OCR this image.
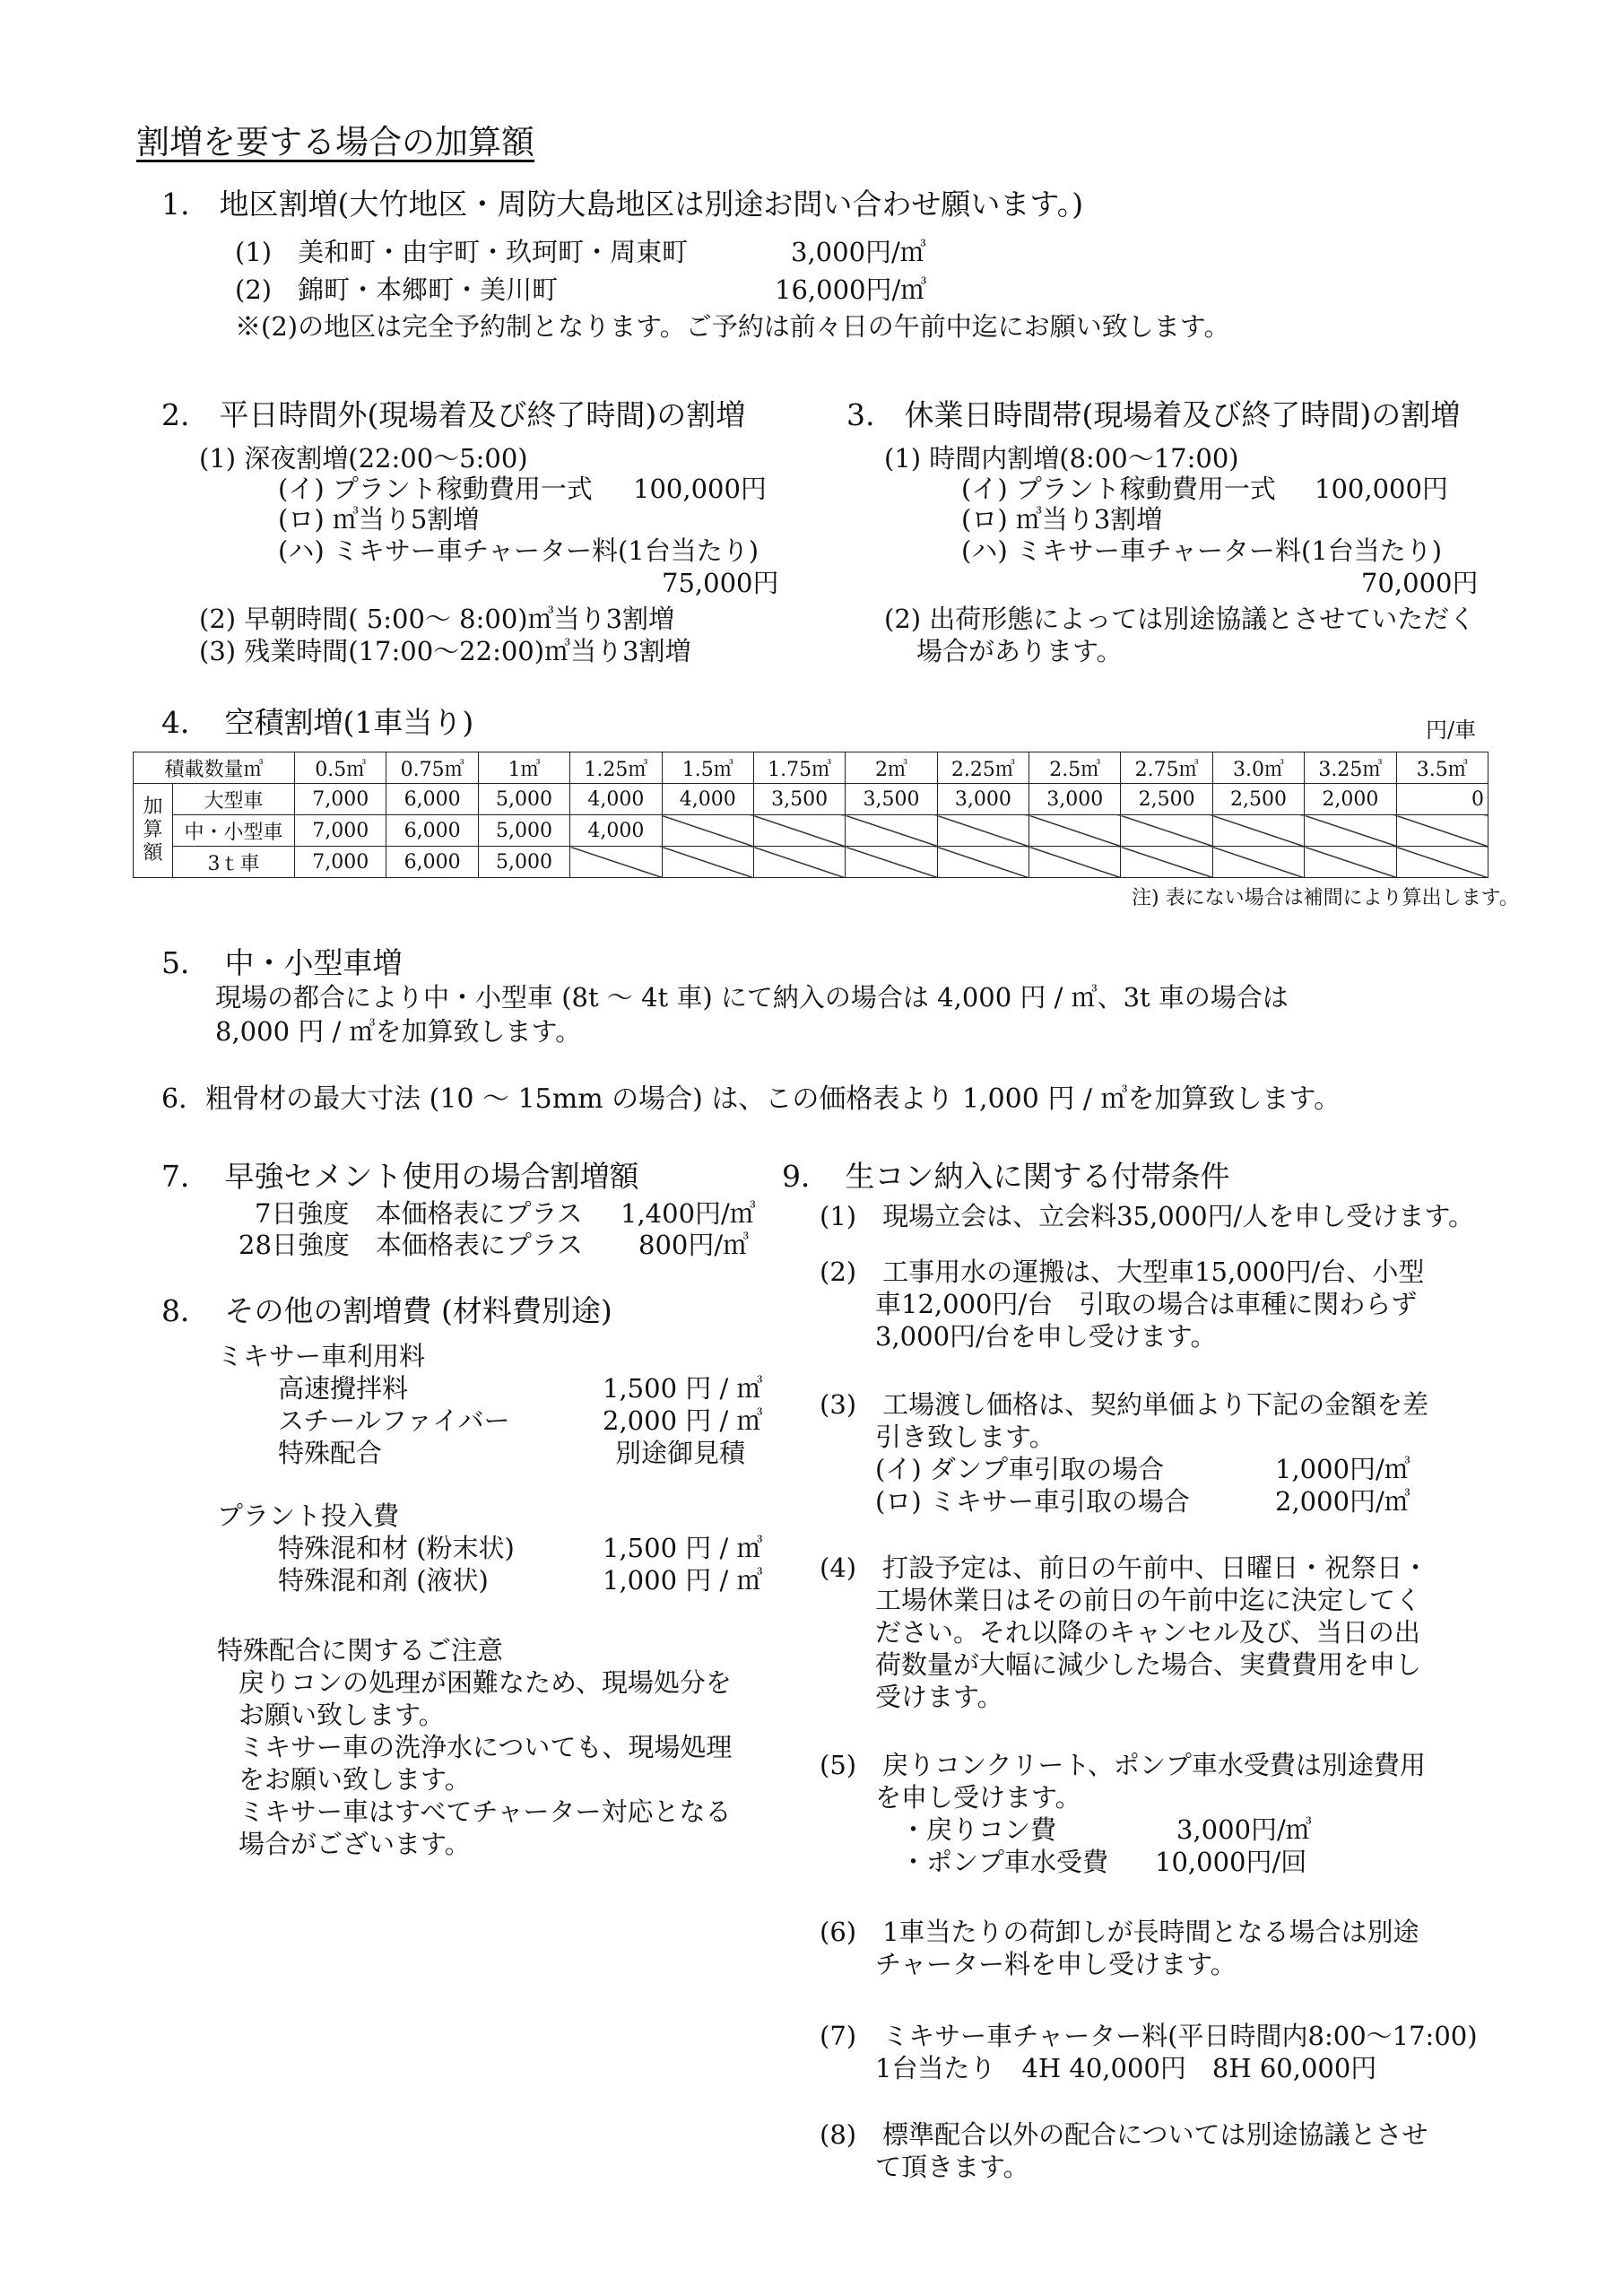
割増を要する場合の加算額
1.　地区割増(大竹地区・周防大島地区は別途お問い合わせ願います。)
(1)　美和町・由宇町・玖珂町・周東町	3,000円/㎥
(2)　錦町・本郷町・美川町	16,000円/㎥
※(2)の地区は完全予約制となります。ご予約は前々日の午前中迄にお願い致します。
2.　平日時間外(現場着及び終了時間)の割増
(1) 深夜割増(22:00～5:00)
(イ) プラント稼動費用一式 100,000円
(ロ) ㎥当り5割増
(ハ) ミキサー車チャーター料(1台当たり)
75,000円
(2) 早朝時間( 5:00～ 8:00)㎥当り3割増
(3) 残業時間(17:00～22:00)㎥当り3割増
3.　休業日時間帯(現場着及び終了時間)の割増
(1) 時間内割増(8:00～17:00)
(イ) プラント稼動費用一式 100,000円
(ロ) ㎥当り3割増
(ハ) ミキサー車チャーター料(1台当たり)
70,000円
(2) 出荷形態によっては別途協議とさせていただく
場合があります。
4．　空積割増(1車当り)	円/車
積載数量㎥		0.5㎥	0.75㎥	1㎥	1.25㎥	1.5㎥	1.75㎥	2㎥	2.25㎥	2.5㎥	2.75㎥	3.0㎥	3.25㎥	3.5㎥
加
算
額	大型車	7,000	6,000	5,000	4,000	4,000	3,500	3,500	3,000	3,000	2,500	2,500	2,000	0
	中・小型車	7,000	6,000	5,000	4,000									
	3ｔ車	7,000	6,000	5,000										
注) 表にない場合は補間により算出します。
5．　中・小型車増
現場の都合により中・小型車 (8t ～ 4t 車) にて納入の場合は 4,000 円 / ㎥、3t 車の場合は
8,000 円 / ㎥を加算致します。
6．粗骨材の最大寸法 (10 ～ 15mm の場合) は、この価格表より 1,000 円 / ㎥を加算致します。
7．　早強セメント使用の場合割増額
7日強度　本価格表にプラス 1,400円/㎥
28日強度　本価格表にプラス 800円/㎥
8．　その他の割増費 (材料費別途)
ミキサー車利用料
高速攪拌料	1,500 円 / ㎥
スチールファイバー	2,000 円 / ㎥
特殊配合	別途御見積
プラント投入費
特殊混和材 (粉末状)	1,500 円 / ㎥
特殊混和剤 (液状)	1,000 円 / ㎥
特殊配合に関するご注意
戻りコンの処理が困難なため、現場処分を
お願い致します。
ミキサー車の洗浄水についても、現場処理
をお願い致します。
ミキサー車はすべてチャーター対応となる
場合がございます。
9．　生コン納入に関する付帯条件
(1)　現場立会は、立会料35,000円/人を申し受けます。
(2)　工事用水の運搬は、大型車15,000円/台、小型
車12,000円/台　引取の場合は車種に関わらず
3,000円/台を申し受けます。
(3)　工場渡し価格は、契約単価より下記の金額を差
引き致します。
(イ) ダンプ車引取の場合	1,000円/㎥
(ロ) ミキサー車引取の場合	2,000円/㎥
(4)　打設予定は、前日の午前中、日曜日・祝祭日・
工場休業日はその前日の午前中迄に決定してく
ださい。それ以降のキャンセル及び、当日の出
荷数量が大幅に減少した場合、実費費用を申し
受けます。
(5)　戻りコンクリート、ポンプ車水受費は別途費用
を申し受けます。
・戻りコン費	3,000円/㎥
・ポンプ車水受費 10,000円/回
(6)　1車当たりの荷卸しが長時間となる場合は別途
チャーター料を申し受けます。
(7)　ミキサー車チャーター料(平日時間内8:00～17:00)
1台当たり　4H 40,000円　8H 60,000円
(8)　標準配合以外の配合については別途協議とさせ
て頂きます。
